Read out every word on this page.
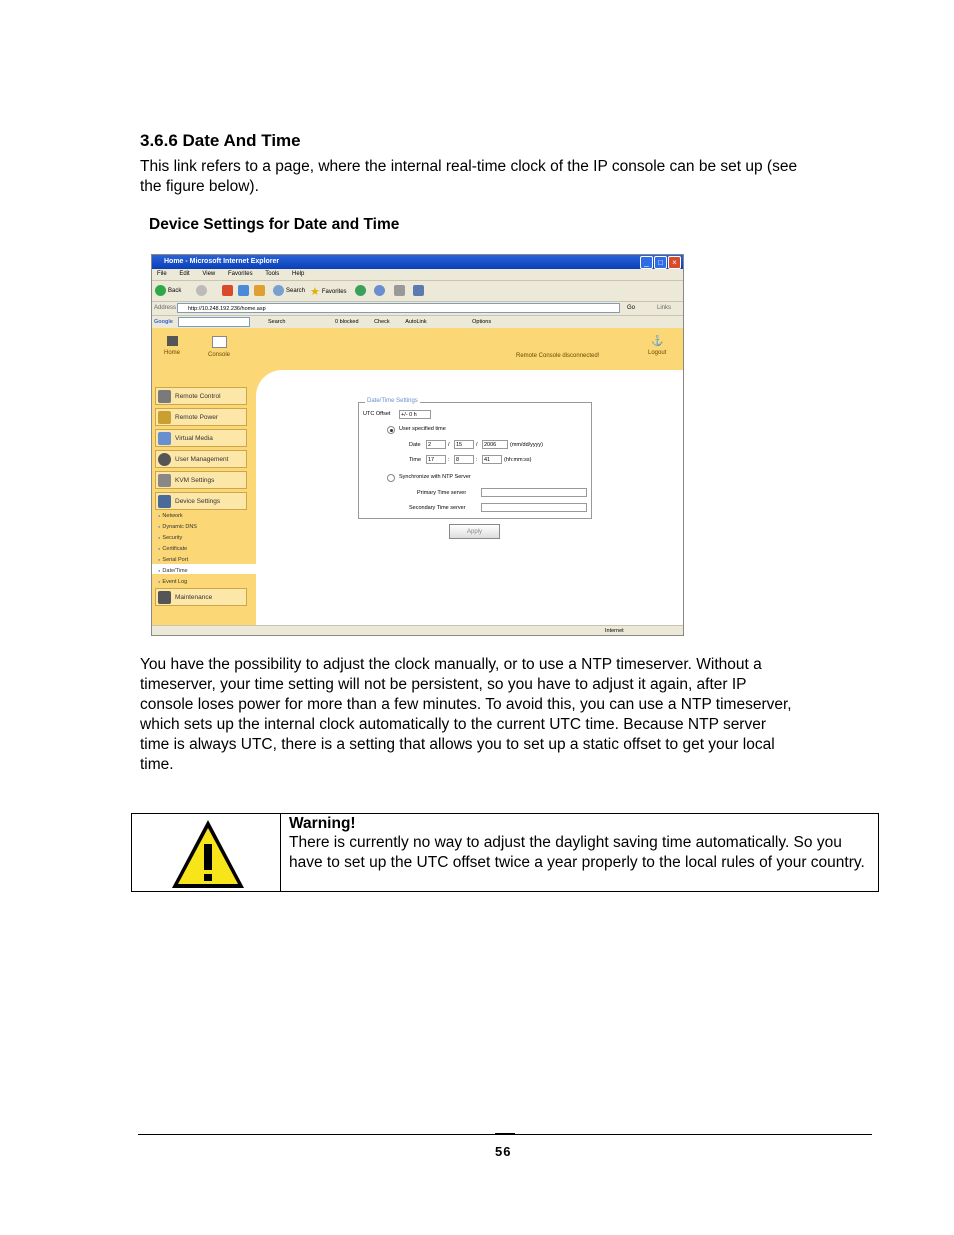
3.6.6 Date And Time
This link refers to a page, where the internal real-time clock of the IP console can be set up (see
the figure below).
Device Settings for Date and Time
Home - Microsoft Internet Explorer	_	□	×
File Edit View Favorites Tools Help
Back	Search ★ Favorites
Address	http://10.248.192.236/home.asp	Go	Links
Google	Search	0 blocked	Check	AutoLink	Options
Home	Console	Remote Console disconnected!
⚓
Logout
Remote Control
Remote Power
Virtual Media
User Management
KVM Settings
Device Settings
● Network
● Dynamic DNS
● Security
● Certificate
● Serial Port
● Date/Time
● Event Log
Maintenance
Date/Time Settings
UTC Offset	+/- 0 h
User specified time
Date	2	/	15	/	2006	(mm/dd/yyyy)
Time	17	:	8	:	41	(hh:mm:ss)
Synchronize with NTP Server
Primary Time server
Secondary Time server
Apply
Internet
You have the possibility to adjust the clock manually, or to use a NTP timeserver. Without a
timeserver, your time setting will not be persistent, so you have to adjust it again, after IP
console loses power for more than a few minutes. To avoid this, you can use a NTP timeserver,
which sets up the internal clock automatically to the current UTC time. Because NTP server
time is always UTC, there is a setting that allows you to set up a static offset to get your local
time.
Warning!
There is currently no way to adjust the daylight saving time automatically. So you have to set up the UTC offset twice a year properly to the local rules of your country.
56
